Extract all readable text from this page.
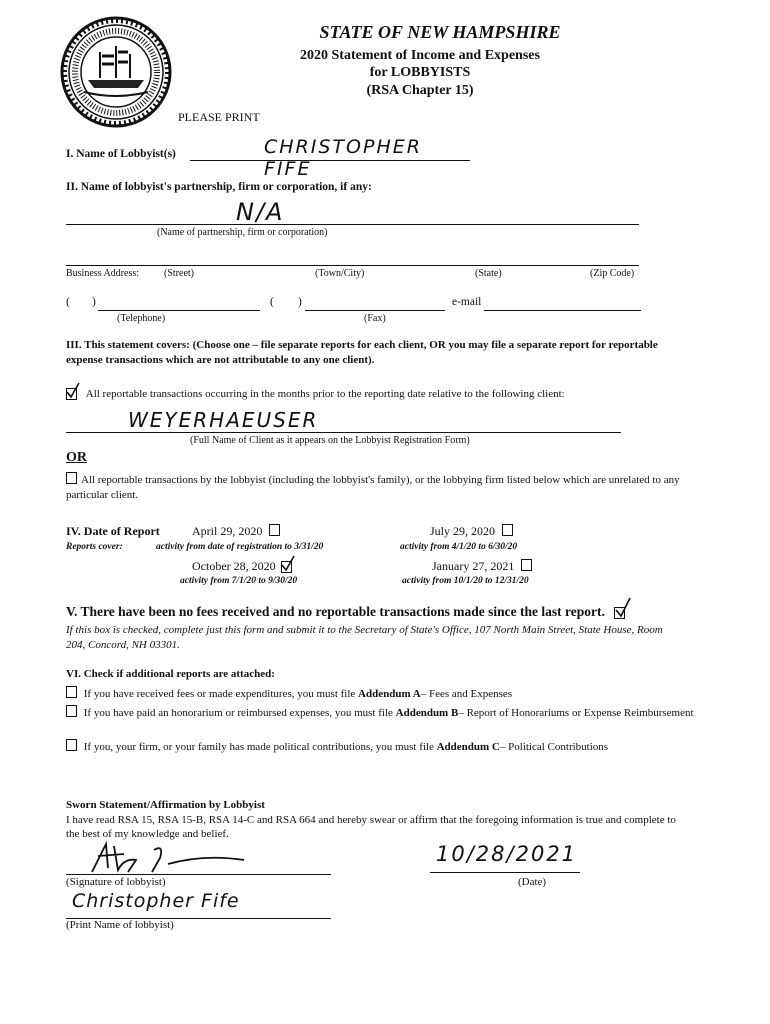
STATE OF NEW HAMPSHIRE
2020 Statement of Income and Expenses
for LOBBYISTS
(RSA Chapter 15)
PLEASE PRINT
I. Name of Lobbyist(s)	CHRISTOPHER FIFE
II. Name of lobbyist's partnership, firm or corporation, if any:
N/A
(Name of partnership, firm or corporation)
Business Address: (Street)	(Town/City)	(State)	(Zip Code)
( )
(Telephone)
( )
(Fax)
e-mail
III. This statement covers: (Choose one – file separate reports for each client, OR you may file a separate report for reportable expense transactions which are not attributable to any one client).
All reportable transactions occurring in the months prior to the reporting date relative to the following client:
WEYERHAEUSER
(Full Name of Client as it appears on the Lobbyist Registration Form)
OR
All reportable transactions by the lobbyist (including the lobbyist's family), or the lobbying firm listed below which are unrelated to any particular client.
IV. Date of Report
Reports cover:
April 29, 2020
activity from date of registration to 3/31/20
July 29, 2020
activity from 4/1/20 to 6/30/20
October 28, 2020
activity from 7/1/20 to 9/30/20
January 27, 2021
activity from 10/1/20 to 12/31/20
V. There have been no fees received and no reportable transactions made since the last report.
If this box is checked, complete just this form and submit it to the Secretary of State's Office, 107 North Main Street, State House, Room 204, Concord, NH 03301.
VI. Check if additional reports are attached:
If you have received fees or made expenditures, you must file Addendum A– Fees and Expenses
If you have paid an honorarium or reimbursed expenses, you must file Addendum B– Report of Honorariums or Expense Reimbursement
If you, your firm, or your family has made political contributions, you must file Addendum C– Political Contributions
Sworn Statement/Affirmation by Lobbyist
I have read RSA 15, RSA 15-B, RSA 14-C and RSA 664 and hereby swear or affirm that the foregoing information is true and complete to the best of my knowledge and belief.
(Signature of lobbyist)
10/28/2021
(Date)
Christopher Fife
(Print Name of lobbyist)
